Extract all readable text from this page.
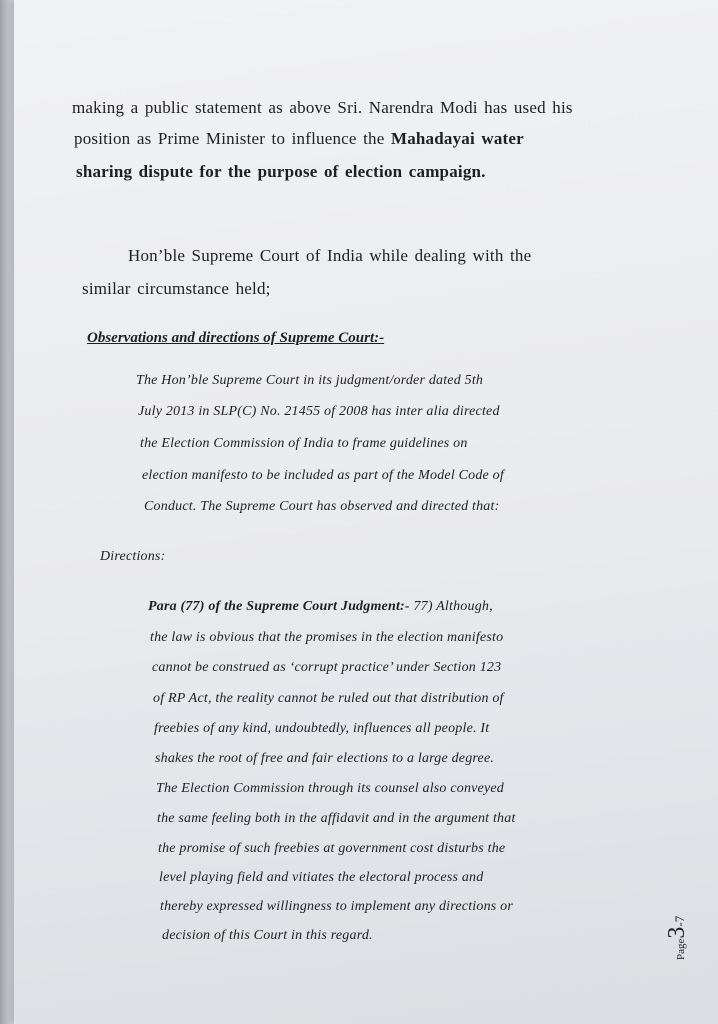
making a public statement as above Sri. Narendra Modi has used his

position as Prime Minister to influence the Mahadayai water

sharing dispute for the purpose of election campaign.

Hon’ble Supreme Court of India while dealing with the

similar circumstance held;

Observations and directions of Supreme Court:-

The Hon’ble Supreme Court in its judgment/order dated 5th

July 2013 in SLP(C) No. 21455 of 2008 has inter alia directed

the Election Commission of India to frame guidelines on

election manifesto to be included as part of the Model Code of

Conduct. The Supreme Court has observed and directed that:

Directions:

Para (77) of the Supreme Court Judgment:- 77) Although,

the law is obvious that the promises in the election manifesto

cannot be construed as ‘corrupt practice’ under Section 123

of RP Act, the reality cannot be ruled out that distribution of

freebies of any kind, undoubtedly, influences all people. It

shakes the root of free and fair elections to a large degree.

The Election Commission through its counsel also conveyed

the same feeling both in the affidavit and in the argument that

the promise of such freebies at government cost disturbs the

level playing field and vitiates the electoral process and

thereby expressed willingness to implement any directions or

decision of this Court in this regard.

Page3-7
